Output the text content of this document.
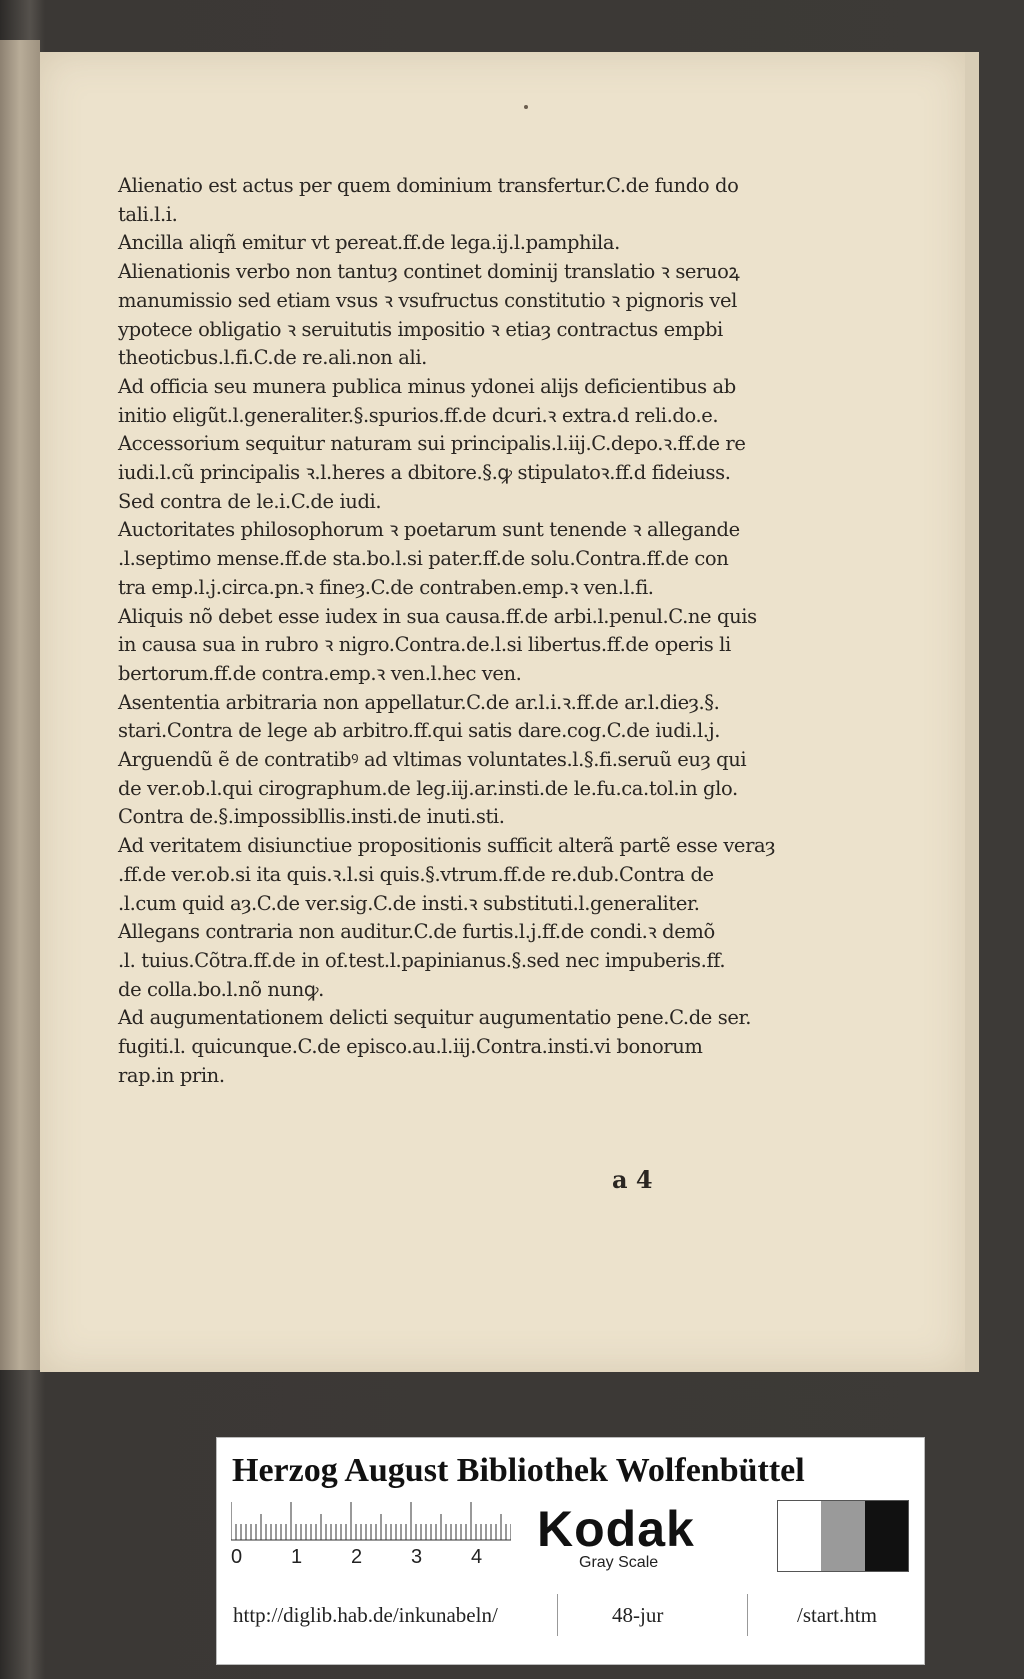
Alienatio est actus per quem dominium transfertur.C.de fundo do
tali.l.i.
Ancilla aliqñ emitur vt pereat.ff.de lega.ij.l.pamphila.
Alienationis verbo non tantuȝ continet dominij translatio ꝛ seruoꝝ
manumissio sed etiam vsus ꝛ vsufructus constitutio ꝛ pignoris vel
ypotece obligatio ꝛ seruitutis impositio ꝛ etiaȝ contractus empbi
theoticbus.l.fi.C.de re.ali.non ali.
Ad officia seu munera publica minus ydonei alijs deficientibus ab
initio eligũt.l.generaliter.§.spurios.ff.de dcuri.ꝛ extra.d reli.do.e.
Accessorium sequitur naturam sui principalis.l.iij.C.depo.ꝛ.ff.de re
iudi.l.cũ principalis ꝛ.l.heres a dbitore.§.ꝙ stipulatoꝛ.ff.d fideiuss.
Sed contra de le.i.C.de iudi.
Auctoritates philosophorum ꝛ poetarum sunt tenende ꝛ allegande
.l.septimo mense.ff.de sta.bo.l.si pater.ff.de solu.Contra.ff.de con
tra emp.l.j.circa.pn.ꝛ fineȝ.C.de contraben.emp.ꝛ ven.l.fi.
Aliquis nõ debet esse iudex in sua causa.ff.de arbi.l.penul.C.ne quis
in causa sua in rubro ꝛ nigro.Contra.de.l.si libertus.ff.de operis li
bertorum.ff.de contra.emp.ꝛ ven.l.hec ven.
Asententia arbitraria non appellatur.C.de ar.l.i.ꝛ.ff.de ar.l.dieȝ.§.
stari.Contra de lege ab arbitro.ff.qui satis dare.cog.C.de iudi.l.j.
Arguendũ ẽ de contratibꝰ ad vltimas voluntates.l.§.fi.seruũ euȝ qui
de ver.ob.l.qui cirographum.de leg.iij.ar.insti.de le.fu.ca.tol.in glo.
Contra de.§.impossibllis.insti.de inuti.sti.
Ad veritatem disiunctiue propositionis sufficit alterã partẽ esse veraȝ
.ff.de ver.ob.si ita quis.ꝛ.l.si quis.§.vtrum.ff.de re.dub.Contra de
.l.cum quid aȝ.C.de ver.sig.C.de insti.ꝛ substituti.l.generaliter.
Allegans contraria non auditur.C.de furtis.l.j.ff.de condi.ꝛ demõ
.l. tuius.Cõtra.ff.de in of.test.l.papinianus.§.sed nec impuberis.ff.
de colla.bo.l.nõ nunꝙ.
Ad augumentationem delicti sequitur augumentatio pene.C.de ser.
fugiti.l. quicunque.C.de episco.au.l.iij.Contra.insti.vi bonorum
rap.in prin.
a 4
Herzog August Bibliothek Wolfenbüttel
0 1 2 3 4 Kodak
Gray Scale
http://diglib.hab.de/inkunabeln/	48-jur	/start.htm
